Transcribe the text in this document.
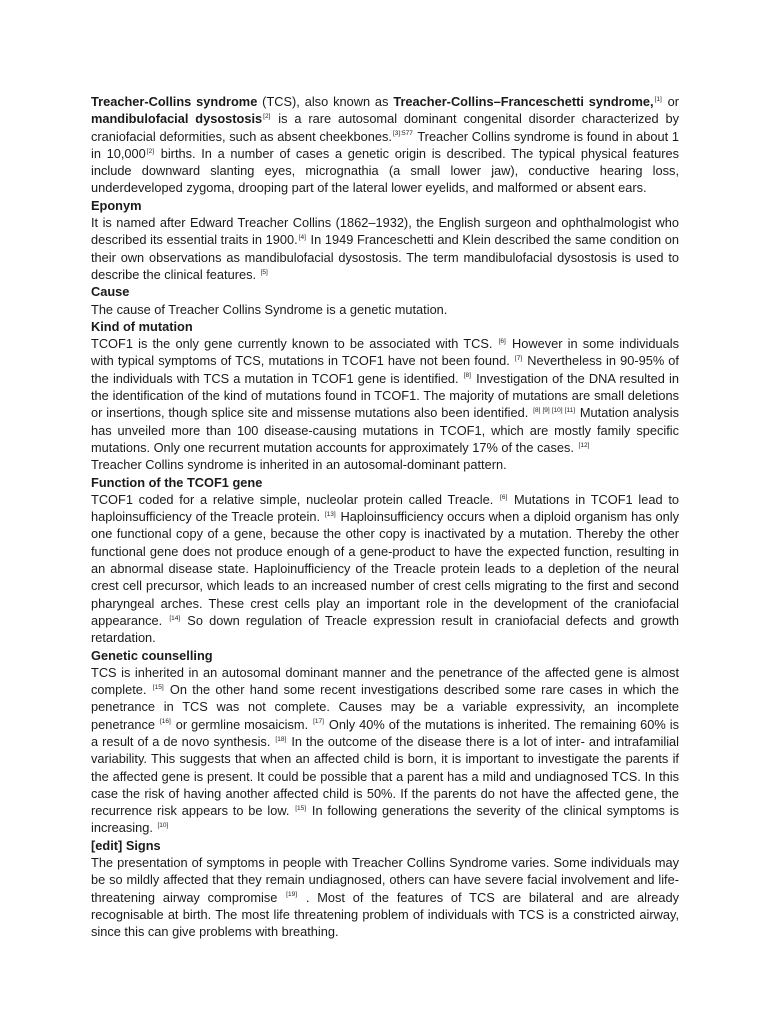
Treacher-Collins syndrome (TCS), also known as Treacher-Collins–Franceschetti syndrome,[1] or mandibulofacial dysostosis[2] is a rare autosomal dominant congenital disorder characterized by craniofacial deformities, such as absent cheekbones.$^{[3]:577}$ Treacher Collins syndrome is found in about 1 in 10,000[2] births. In a number of cases a genetic origin is described. The typical physical features include downward slanting eyes, micrognathia (a small lower jaw), conductive hearing loss, underdeveloped zygoma, drooping part of the lateral lower eyelids, and malformed or absent ears.

Eponym

It is named after Edward Treacher Collins (1862–1932), the English surgeon and ophthalmologist who described its essential traits in 1900.[4] In 1949 Franceschetti and Klein described the same condition on their own observations as mandibulofacial dysostosis. The term mandibulofacial dysostosis is used to describe the clinical features. [5]

Cause

The cause of Treacher Collins Syndrome is a genetic mutation.

Kind of mutation

TCOF1 is the only gene currently known to be associated with TCS. [6] However in some individuals with typical symptoms of TCS, mutations in TCOF1 have not been found. [7] Nevertheless in 90-95% of the individuals with TCS a mutation in TCOF1 gene is identified. [8] Investigation of the DNA resulted in the identification of the kind of mutations found in TCOF1. The majority of mutations are small deletions or insertions, though splice site and missense mutations also been identified. [8] [9] [10] [11] Mutation analysis has unveiled more than 100 disease-causing mutations in TCOF1, which are mostly family specific mutations. Only one recurrent mutation accounts for approximately 17% of the cases. [12]

Treacher Collins syndrome is inherited in an autosomal-dominant pattern.

Function of the TCOF1 gene

TCOF1 coded for a relative simple, nucleolar protein called Treacle. [6] Mutations in TCOF1 lead to haploinsufficiency of the Treacle protein. [13] Haploinsufficiency occurs when a diploid organism has only one functional copy of a gene, because the other copy is inactivated by a mutation. Thereby the other functional gene does not produce enough of a gene-product to have the expected function, resulting in an abnormal disease state. Haploinufficiency of the Treacle protein leads to a depletion of the neural crest cell precursor, which leads to an increased number of crest cells migrating to the first and second pharyngeal arches. These crest cells play an important role in the development of the craniofacial appearance. [14] So down regulation of Treacle expression result in craniofacial defects and growth retardation.

Genetic counselling

TCS is inherited in an autosomal dominant manner and the penetrance of the affected gene is almost complete. [15] On the other hand some recent investigations described some rare cases in which the penetrance in TCS was not complete. Causes may be a variable expressivity, an incomplete penetrance [16] or germline mosaicism. [17] Only 40% of the mutations is inherited. The remaining 60% is a result of a de novo synthesis. [18] In the outcome of the disease there is a lot of inter- and intrafamilial variability. This suggests that when an affected child is born, it is important to investigate the parents if the affected gene is present. It could be possible that a parent has a mild and undiagnosed TCS. In this case the risk of having another affected child is 50%. If the parents do not have the affected gene, the recurrence risk appears to be low. [15] In following generations the severity of the clinical symptoms is increasing. [10]

[edit] Signs

The presentation of symptoms in people with Treacher Collins Syndrome varies. Some individuals may be so mildly affected that they remain undiagnosed, others can have severe facial involvement and life-threatening airway compromise [19] . Most of the features of TCS are bilateral and are already recognisable at birth. The most life threatening problem of individuals with TCS is a constricted airway, since this can give problems with breathing.
